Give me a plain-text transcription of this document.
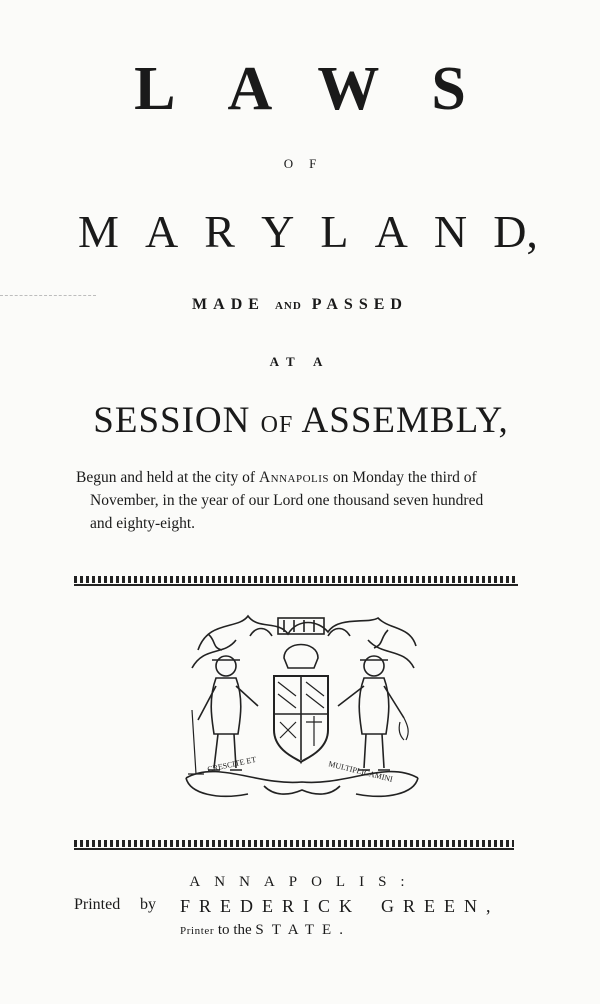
LAWS
OF
M A R Y L A N D,
MADE AND PASSED
AT A
SESSION OF ASSEMBLY,
Begun and held at the city of Annapolis on Monday the third of
November, in the year of our Lord one thousand seven hundred
and eighty-eight.
CRESCITE ET	MULTIPLICAMINI
ANNAPOLIS:
Printed by FREDERICK GREEN,
Printer to the STATE.
